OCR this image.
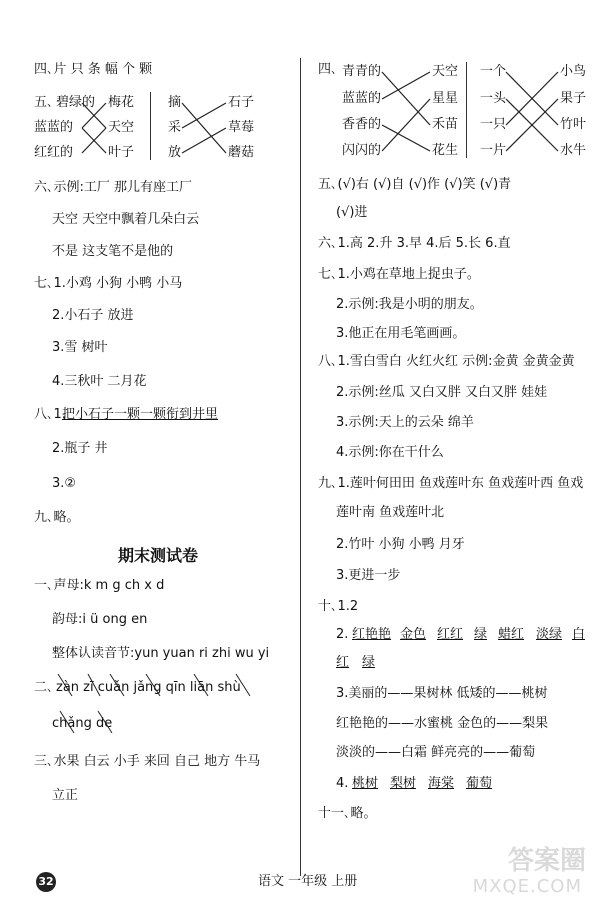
四､片 只 条 幅 个 颗
五､ 碧绿的
蓝蓝的
红红的
梅花
天空
叶子
摘
采
放
石子
草莓
蘑菇
六､示例:工厂 那儿有座工厂
天空 天空中飘着几朵白云
不是 这支笔不是他的
七､1.小鸡 小狗 小鸭 小马
2.小石子 放进
3.雪 树叶
4.三秋叶 二月花
八､1.
把小石子一颗一颗衔到井里
2.瓶子 井
3.②
九､略｡
期末测试卷
一､声母:k m g ch x d
韵母:i ü ong en
整体认读音节:yun yuan ri zhi wu yi
二､ zàn zī cuǎn jǎng qīn liān shù
chǎng de
三､水果 白云 小手 来回 自己 地方 牛马
立正
四､ 青青的
蓝蓝的
香香的
闪闪的
天空
星星
禾苗
花生
一个
一头
一只
一片
小鸟
果子
竹叶
水牛
五､(√)右 (√)自 (√)作 (√)笑 (√)青
(√)进
六､1.高 2.升 3.早 4.后 5.长 6.直
七､1.小鸡在草地上捉虫子｡
2.示例:我是小明的朋友｡
3.他正在用毛笔画画｡
八､1.雪白雪白 火红火红 示例:金黄 金黄金黄
2.示例:丝瓜 又白又胖 又白又胖 娃娃
3.示例:天上的云朵 绵羊
4.示例:你在干什么
九､1.莲叶何田田 鱼戏莲叶东 鱼戏莲叶西 鱼戏
莲叶南 鱼戏莲叶北
2.竹叶 小狗 小鸭 月牙
3.更进一步
十､1.2
2. 红艳艳 金色 红红 绿 蜡红 淡绿 白
红 绿
3.美丽的——果树林 低矮的——桃树
红艳艳的——水蜜桃 金色的——梨果
淡淡的——白霜 鲜亮亮的——葡萄
4. 桃树 梨树 海棠 葡萄
十一､略｡
32	语文 一年级 上册
答案圈
MXQE.COM
